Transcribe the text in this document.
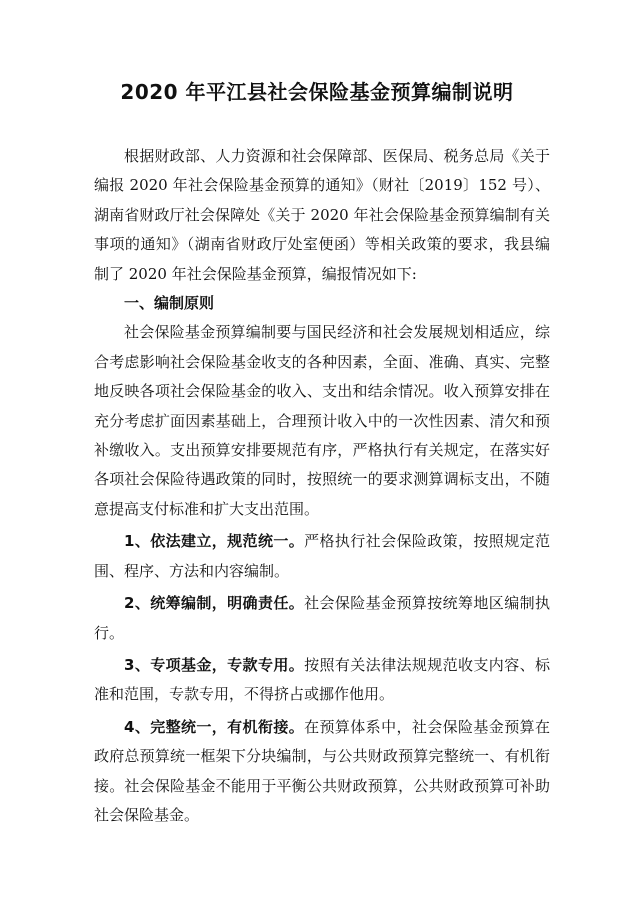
2020 年平江县社会保险基金预算编制说明

根据财政部、人力资源和社会保障部、医保局、税务总局《关于编报 2020 年社会保险基金预算的通知》（财社〔2019〕152 号）、湖南省财政厅社会保障处《关于 2020 年社会保险基金预算编制有关事项的通知》（湖南省财政厅处室便函）等相关政策的要求，我县编制了 2020 年社会保险基金预算，编报情况如下:

一、编制原则

社会保险基金预算编制要与国民经济和社会发展规划相适应，综合考虑影响社会保险基金收支的各种因素，全面、准确、真实、完整地反映各项社会保险基金的收入、支出和结余情况。收入预算安排在充分考虑扩面因素基础上，合理预计收入中的一次性因素、清欠和预补缴收入。支出预算安排要规范有序，严格执行有关规定，在落实好各项社会保险待遇政策的同时，按照统一的要求测算调标支出，不随意提高支付标准和扩大支出范围。

1、依法建立，规范统一。严格执行社会保险政策，按照规定范围、程序、方法和内容编制。

2、统筹编制，明确责任。社会保险基金预算按统筹地区编制执行。

3、专项基金，专款专用。按照有关法律法规规范收支内容、标准和范围，专款专用，不得挤占或挪作他用。

4、完整统一，有机衔接。在预算体系中，社会保险基金预算在政府总预算统一框架下分块编制，与公共财政预算完整统一、有机衔接。社会保险基金不能用于平衡公共财政预算，公共财政预算可补助社会保险基金。
